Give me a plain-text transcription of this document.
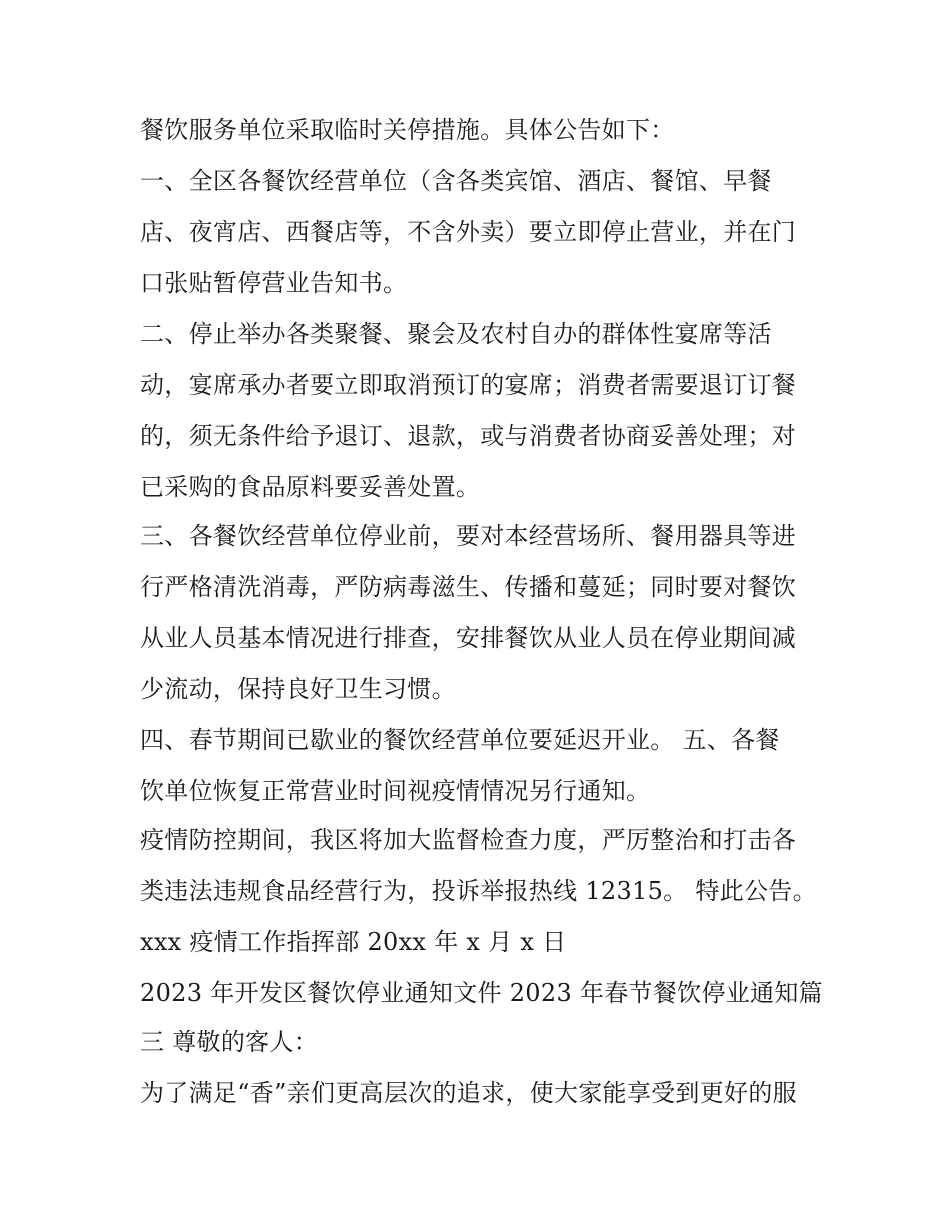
餐饮服务单位采取临时关停措施。具体公告如下：
一、全区各餐饮经营单位（含各类宾馆、酒店、餐馆、早餐
店、夜宵店、西餐店等，不含外卖）要立即停止营业，并在门
口张贴暂停营业告知书。
二、停止举办各类聚餐、聚会及农村自办的群体性宴席等活
动，宴席承办者要立即取消预订的宴席；消费者需要退订订餐
的，须无条件给予退订、退款，或与消费者协商妥善处理；对
已采购的食品原料要妥善处置。
三、各餐饮经营单位停业前，要对本经营场所、餐用器具等进
行严格清洗消毒，严防病毒滋生、传播和蔓延；同时要对餐饮
从业人员基本情况进行排查，安排餐饮从业人员在停业期间减
少流动，保持良好卫生习惯。
四、春节期间已歇业的餐饮经营单位要延迟开业。 五、各餐
饮单位恢复正常营业时间视疫情情况另行通知。
疫情防控期间，我区将加大监督检查力度，严厉整治和打击各
类违法违规食品经营行为，投诉举报热线 12315。 特此公告。
xxx 疫情工作指挥部 20xx 年 x 月 x 日
2023 年开发区餐饮停业通知文件 2023 年春节餐饮停业通知篇
三 尊敬的客人：
为了满足“香”亲们更高层次的追求，使大家能享受到更好的服
